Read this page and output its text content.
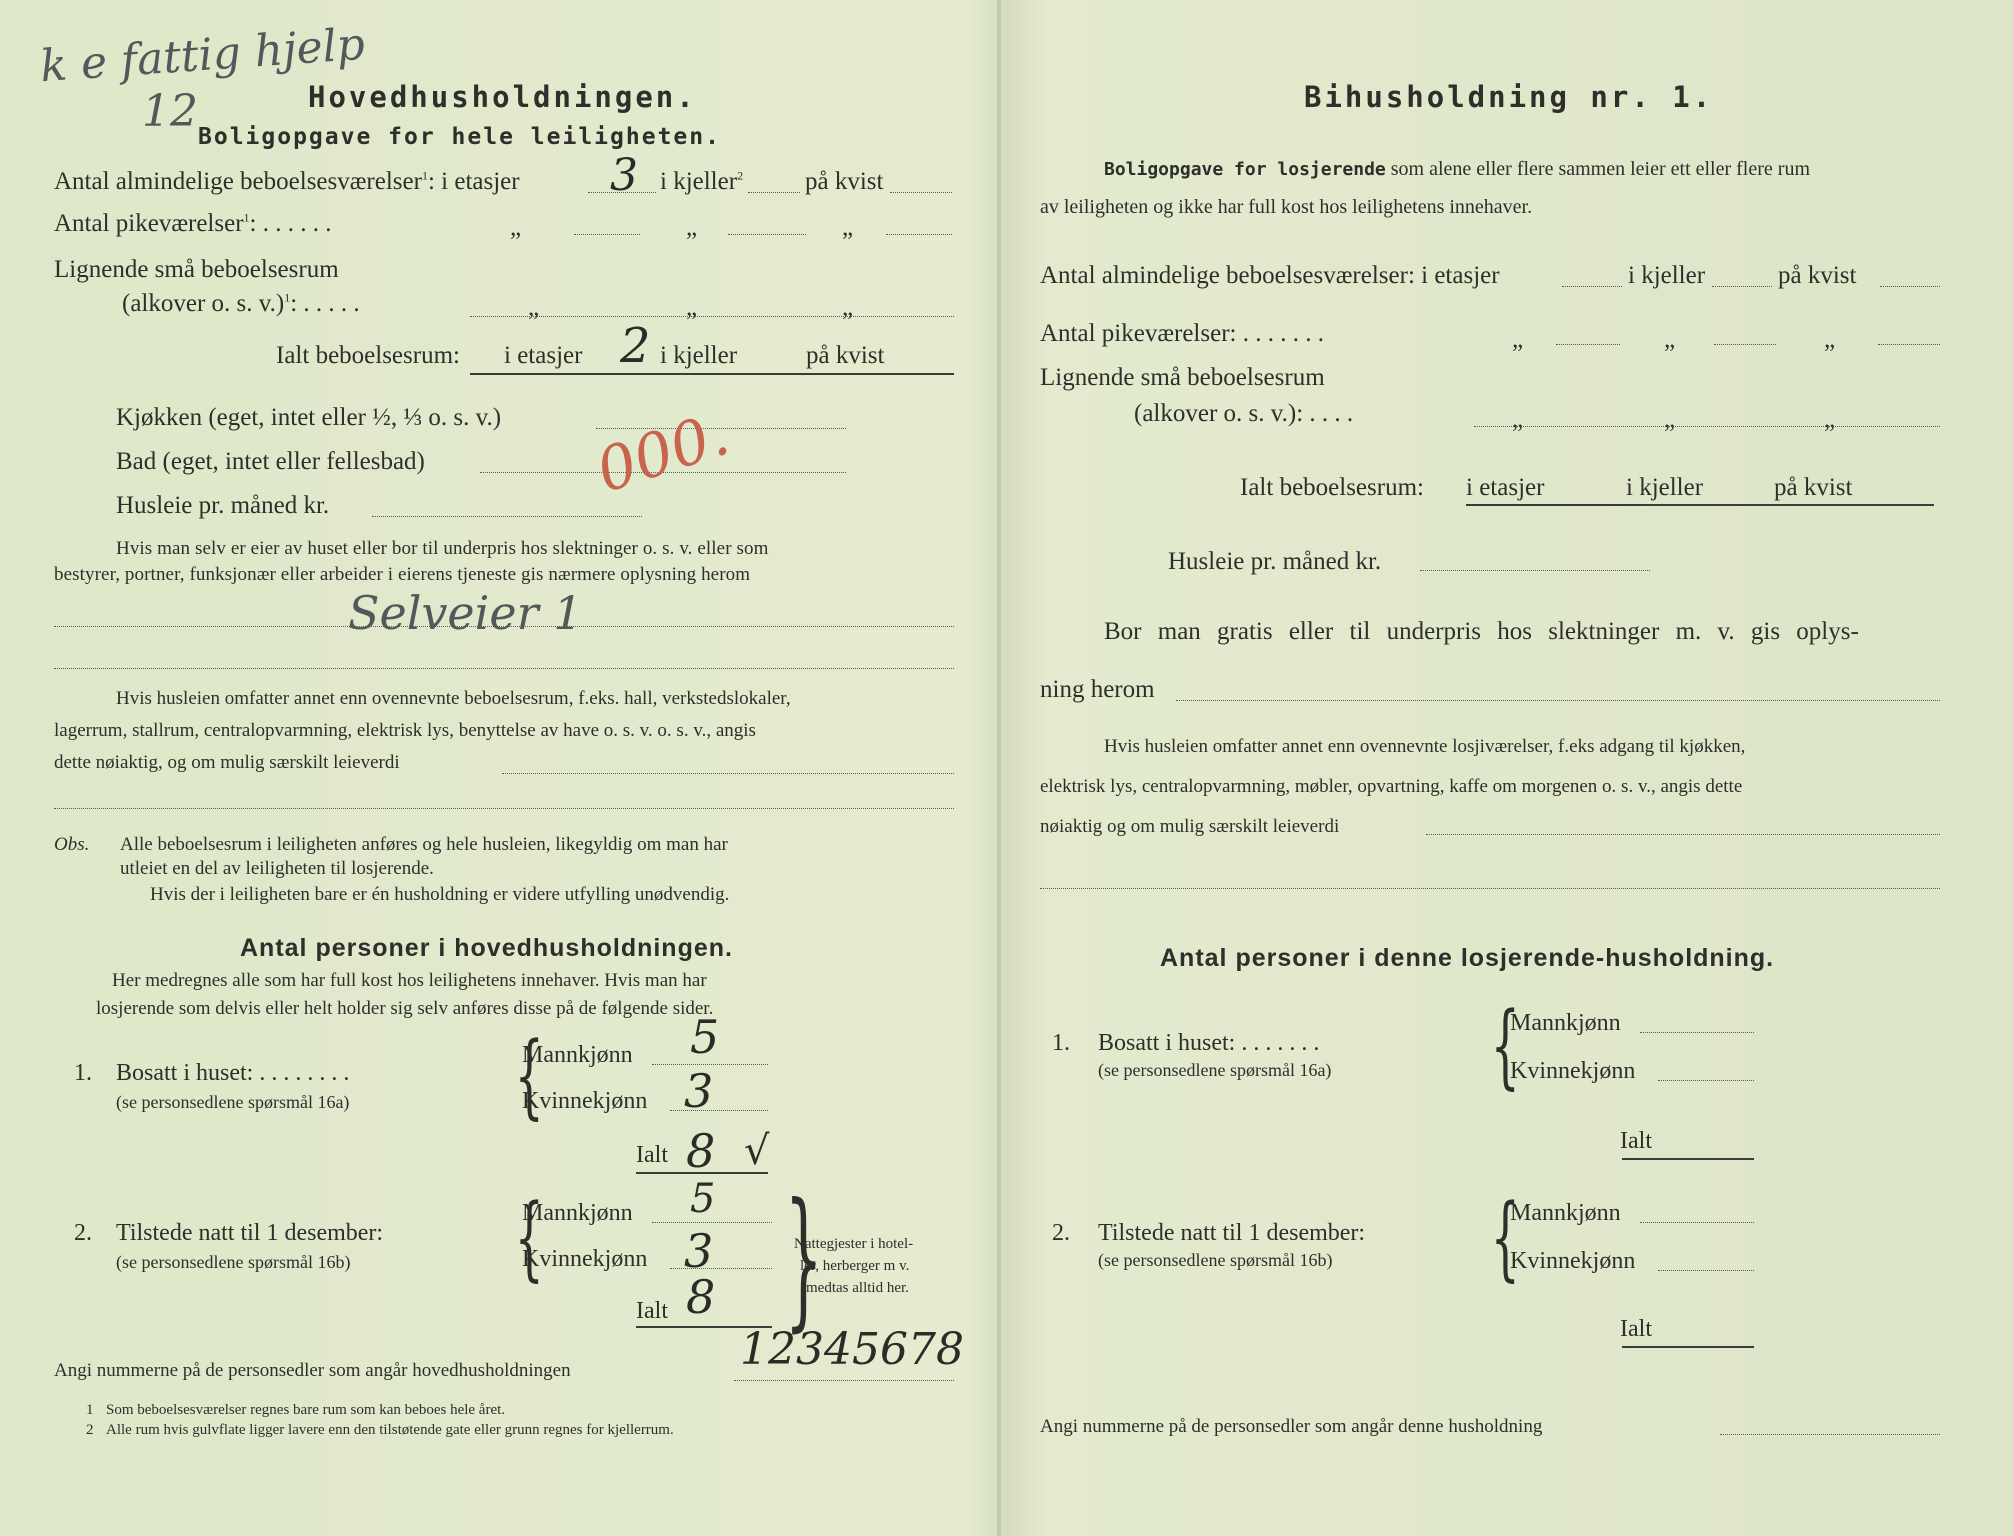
k e fattig hjelp
12	Hovedhusholdningen.
Boligopgave for hele leiligheten.
Antal almindelige beboelsesværelser$^1$: i etasjer 3 i kjeller$^2$ på kvist
Antal pikeværelser$^1$: . . . . . .	„	„	„
Lignende små beboelsesrum
(alkover o. s. v.)$^1$: . . . . .	„	„	„
Ialt beboelsesrum: i etasjer 2 i kjeller	på kvist
Kjøkken (eget, intet eller ½, ⅓ o. s. v.)
Bad (eget, intet eller fellesbad)	000.
Husleie pr. måned kr.
Hvis man selv er eier av huset eller bor til underpris hos slektninger o. s. v. eller som
bestyrer, portner, funksjonær eller arbeider i eierens tjeneste gis nærmere oplysning herom
Selveier 1
Hvis husleien omfatter annet enn ovennevnte beboelsesrum, f.eks. hall, verkstedslokaler,
lagerrum, stallrum, centralopvarmning, elektrisk lys, benyttelse av have o. s. v. o. s. v., angis
dette nøiaktig, og om mulig særskilt leieverdi
Obs. Alle beboelsesrum i leiligheten anføres og hele husleien, likegyldig om man har
utleiet en del av leiligheten til losjerende.
Hvis der i leiligheten bare er én husholdning er videre utfylling unødvendig.
Antal personer i hovedhusholdningen.
Her medregnes alle som har full kost hos leilighetens innehaver. Hvis man har
losjerende som delvis eller helt holder sig selv anføres disse på de følgende sider.
1. Bosatt i huset: . . . . . . . .
(se personsedlene spørsmål 16a) {
Mannkjønn 5
Kvinnekjønn 3
Ialt 8 √
2. Tilstede natt til 1 desember:
(se personsedlene spørsmål 16b) {
Mannkjønn 5
Kvinnekjønn 3
Ialt 8 }
Nattegjester i hotel-
ler, herberger m v.
medtas alltid her.
Angi nummerne på de personsedler som angår hovedhusholdningen	12345678
1 Som beboelsesværelser regnes bare rum som kan beboes hele året.
2 Alle rum hvis gulvflate ligger lavere enn den tilstøtende gate eller grunn regnes for kjellerrum.
Bihusholdning nr. 1.
Boligopgave for losjerende som alene eller flere sammen leier ett eller flere rum
av leiligheten og ikke har full kost hos leilighetens innehaver.
Antal almindelige beboelsesværelser: i etasjer	i kjeller	på kvist
Antal pikeværelser: . . . . . . .	„	„	„
Lignende små beboelsesrum
(alkover o. s. v.): . . . .	„	„	„
Ialt beboelsesrum: i etasjer	i kjeller	på kvist
Husleie pr. måned kr.
Bor man gratis eller til underpris hos slektninger m. v. gis oplys-
ning herom
Hvis husleien omfatter annet enn ovennevnte losjiværelser, f.eks adgang til kjøkken,
elektrisk lys, centralopvarmning, møbler, opvartning, kaffe om morgenen o. s. v., angis dette
nøiaktig og om mulig særskilt leieverdi
Antal personer i denne losjerende-husholdning.
1. Bosatt i huset: . . . . . . .
(se personsedlene spørsmål 16a) {
Mannkjønn
Kvinnekjønn
Ialt
2. Tilstede natt til 1 desember:
(se personsedlene spørsmål 16b) {
Mannkjønn
Kvinnekjønn
Ialt
Angi nummerne på de personsedler som angår denne husholdning
